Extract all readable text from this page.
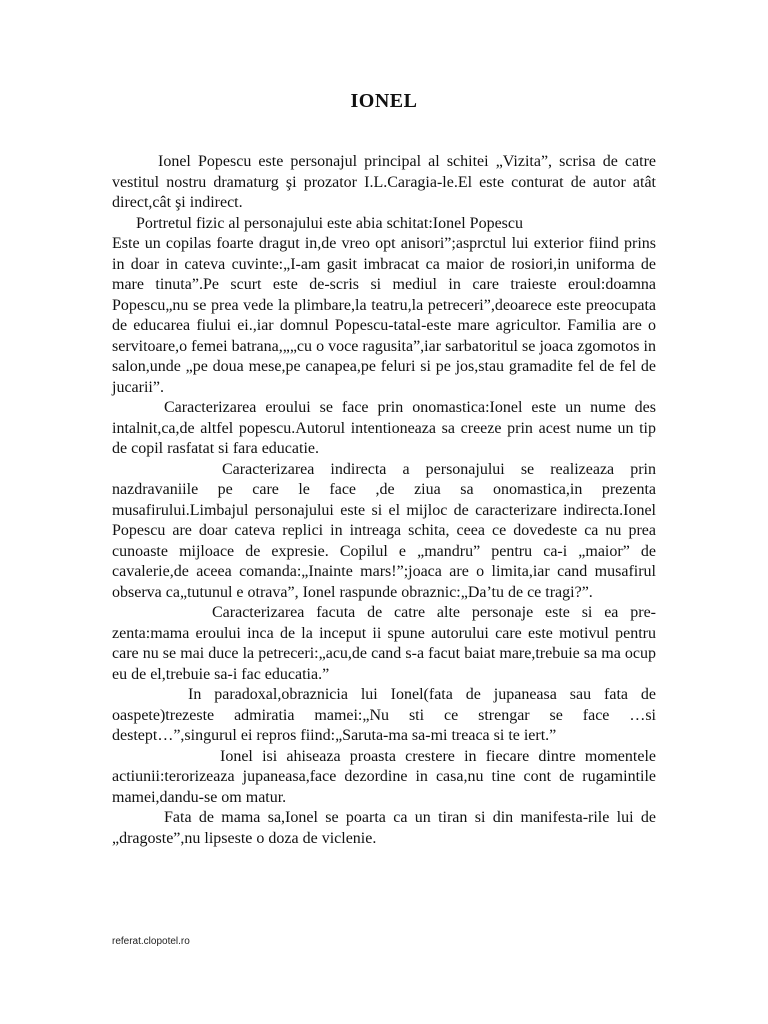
IONEL

Ionel Popescu este personajul principal al schitei „Vizita”, scrisa de catre vestitul nostru dramaturg şi prozator I.L.Caragia-le.El este conturat de autor atât direct,cât şi indirect.

Portretul fizic al personajului este abia schitat:Ionel Popescu

Este un copilas foarte dragut in,de vreo opt anisori”;asprctul lui exterior fiind prins in doar in cateva cuvinte:„I-am gasit imbracat ca maior de rosiori,in uniforma de mare tinuta”.Pe scurt este de-scris si mediul in care traieste eroul:doamna Popescu„nu se prea vede la plimbare,la teatru,la petreceri”,deoarece este preocupata de educarea fiului ei.,iar domnul Popescu-tatal-este mare agricultor. Familia are o servitoare,o femei batrana,„„cu o voce ragusita”,iar sarbatoritul se joaca zgomotos in salon,unde „pe doua mese,pe canapea,pe feluri si pe jos,stau gramadite fel de fel de jucarii”.

Caracterizarea eroului se face prin onomastica:Ionel este un nume des intalnit,ca,de altfel popescu.Autorul intentioneaza sa creeze prin acest nume un tip de copil rasfatat si fara educatie.

Caracterizarea indirecta a personajului se realizeaza prin nazdravaniile pe care le face ,de ziua sa onomastica,in prezenta musafirului.Limbajul personajului este si el mijloc de caracterizare indirecta.Ionel Popescu are doar cateva replici in intreaga schita, ceea ce dovedeste ca nu prea cunoaste mijloace de expresie. Copilul e „mandru” pentru ca-i „maior” de cavalerie,de aceea comanda:„Inainte mars!”;joaca are o limita,iar cand musafirul observa ca„tutunul e otrava”, Ionel raspunde obraznic:„Da’tu de ce tragi?”.

Caracterizarea facuta de catre alte personaje este si ea pre-zenta:mama eroului inca de la inceput ii spune autorului care este motivul pentru care nu se mai duce la petreceri:„acu,de cand s-a facut baiat mare,trebuie sa ma ocup eu de el,trebuie sa-i fac educatia.”

In paradoxal,obraznicia lui Ionel(fata de jupaneasa sau fata de oaspete)trezeste admiratia mamei:„Nu sti ce strengar se face …si destept…”,singurul ei repros fiind:„Saruta-ma sa-mi treaca si te iert.”

Ionel isi ahiseaza proasta crestere in fiecare dintre momentele actiunii:terorizeaza jupaneasa,face dezordine in casa,nu tine cont de rugamintile mamei,dandu-se om matur.

Fata de mama sa,Ionel se poarta ca un tiran si din manifesta-rile lui de „dragoste”,nu lipseste o doza de viclenie.

referat.clopotel.ro
